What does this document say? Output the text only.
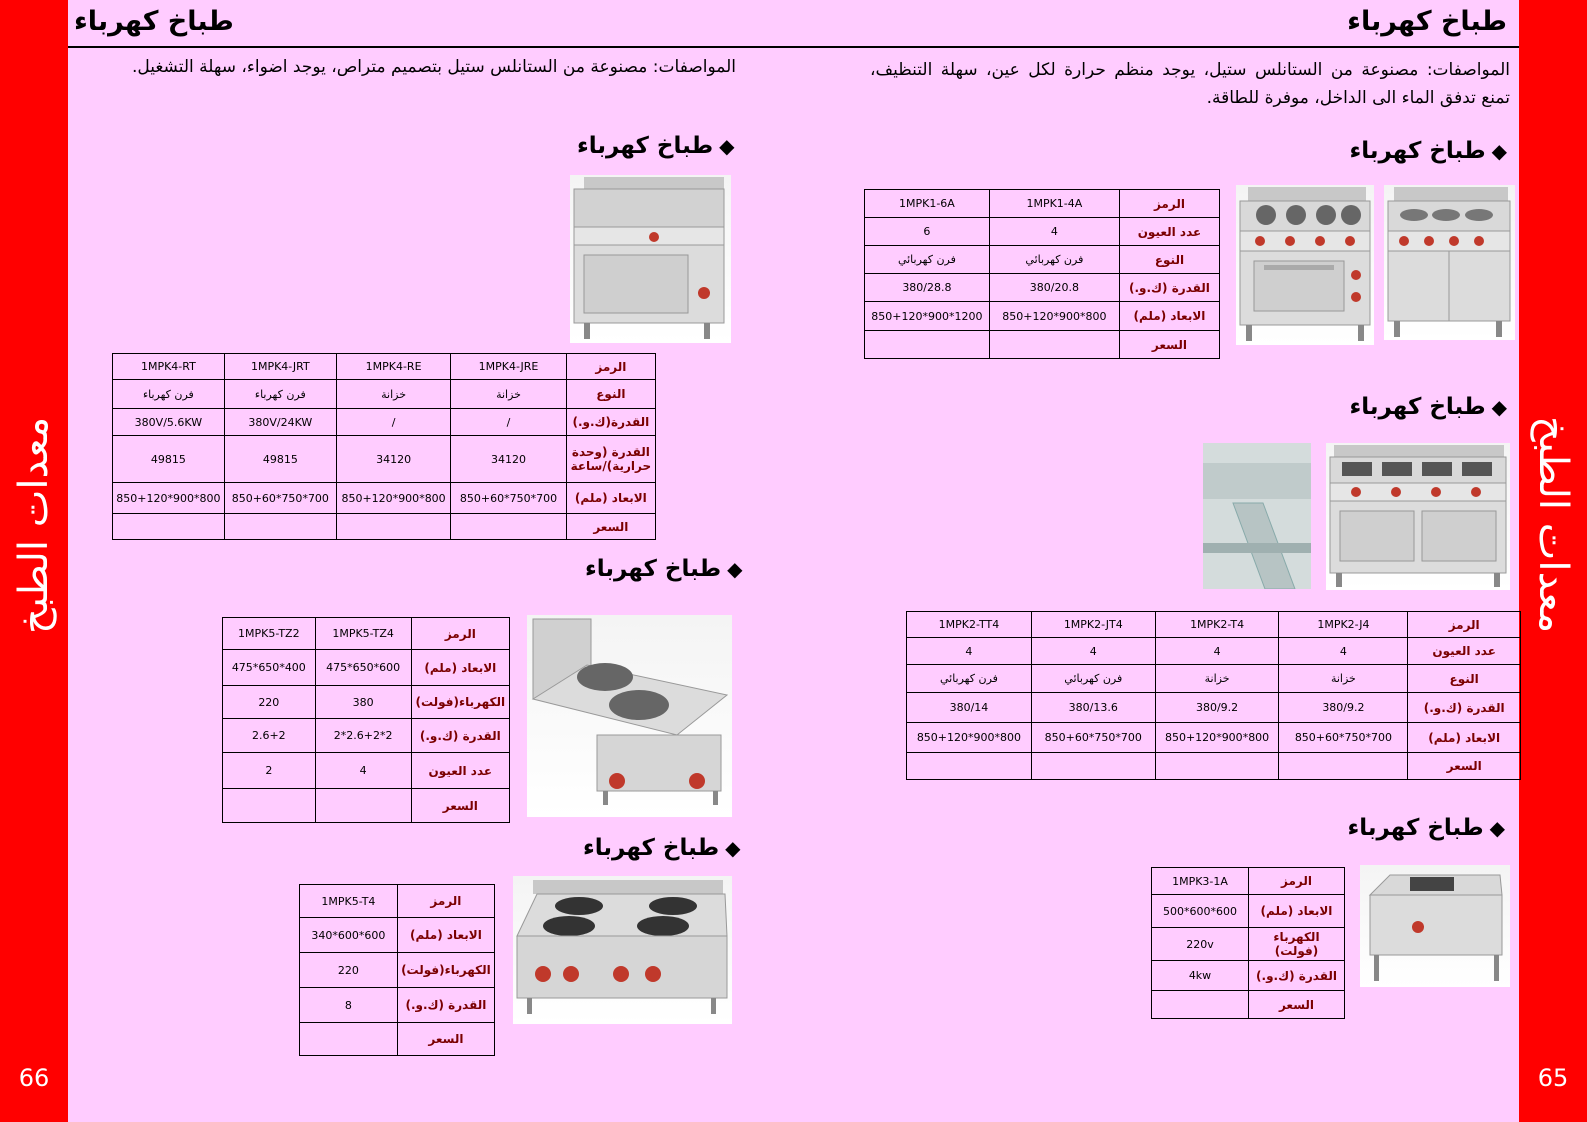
معدات الطبخ
66
معدات الطبخ
65
طباخ كهرباء	طباخ كهرباء
المواصفات: مصنوعة من الستانلس ستيل، يوجد منظم حرارة لكل عين، سهلة التنظيف، تمنع تدفق الماء الى الداخل، موفرة للطاقة.
المواصفات: مصنوعة من الستانلس ستيل بتصميم متراص، يوجد اضواء، سهلة التشغيل.
◆طباخ كهرباء
الرمز	1MPK1-4A	1MPK1-6A
عدد العيون	4	6
النوع	فرن كهربائي	فرن كهربائي
القدرة (ك.و.)	380/20.8	380/28.8
الابعاد (ملم)	800*900*850+120	1200*900*850+120
السعر		
◆طباخ كهرباء
الرمز	1MPK2-J4	1MPK2-T4	1MPK2-JT4	1MPK2-TT4
عدد العيون	4	4	4	4
النوع	خزانة	خزانة	فرن كهربائي	فرن كهربائي
القدرة (ك.و.)	380/9.2	380/9.2	380/13.6	380/14
الابعاد (ملم)	700*750*850+60	800*900*850+120	700*750*850+60	800*900*850+120
السعر				
◆طباخ كهرباء
الرمز	1MPK3-1A
الابعاد (ملم)	600*600*500
الكهرباء (فولت)	220v
القدرة (ك.و.)	4kw
السعر	
◆طباخ كهرباء
الرمز	1MPK4-JRE	1MPK4-RE	1MPK4-JRT	1MPK4-RT
النوع	خزانة	خزانة	فرن كهرباء	فرن كهرباء
القدرة(ك.و.)	/	/	380V/24KW	380V/5.6KW
القدرة (وحدة حرارية)/ساعة	34120	34120	49815	49815
الابعاد (ملم)	700*750*850+60	800*900*850+120	700*750*850+60	800*900*850+120
السعر				
◆طباخ كهرباء
الرمز	1MPK5-TZ4	1MPK5-TZ2
الابعاد (ملم)	600*650*475	400*650*475
الكهرباء(فولت)	380	220
القدرة (ك.و.)	2*2.6+2*2	2.6+2
عدد العيون	4	2
السعر		
◆طباخ كهرباء
الرمز	1MPK5-T4
الابعاد (ملم)	600*600*340
الكهرباء(فولت)	220
القدرة (ك.و.)	8
السعر	
